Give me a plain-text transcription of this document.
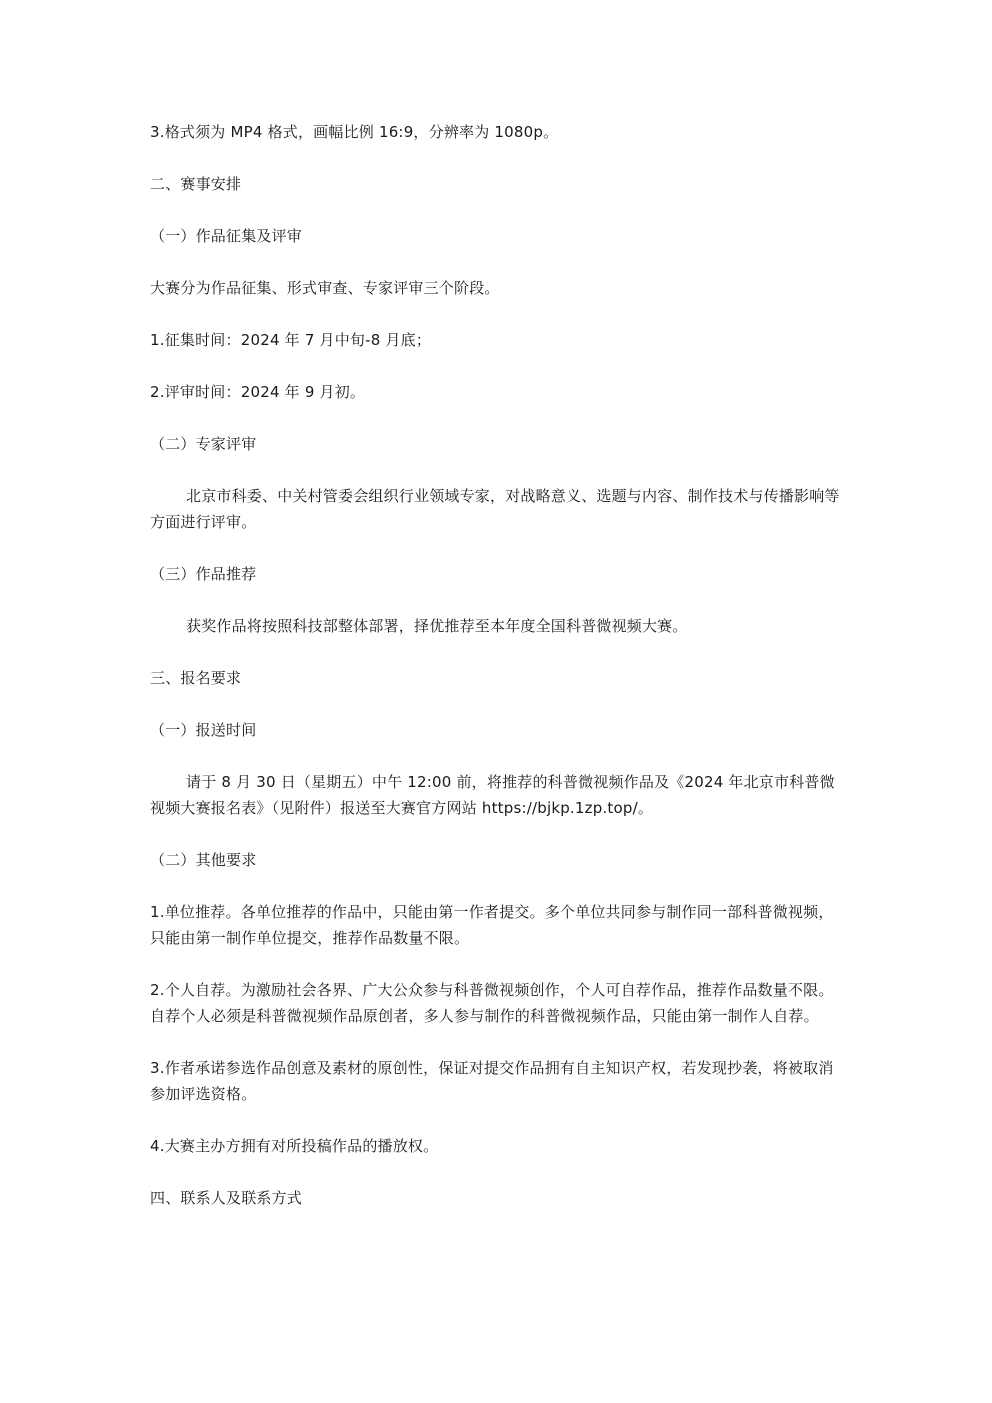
3.格式须为 MP4 格式，画幅比例 16:9，分辨率为 1080p。

二、赛事安排

（一）作品征集及评审

大赛分为作品征集、形式审查、专家评审三个阶段。

1.征集时间：2024 年 7 月中旬-8 月底；

2.评审时间：2024 年 9 月初。

（二）专家评审

北京市科委、中关村管委会组织行业领域专家，对战略意义、选题与内容、制作技术与传播影响等方面进行评审。

（三）作品推荐

获奖作品将按照科技部整体部署，择优推荐至本年度全国科普微视频大赛。

三、报名要求

（一）报送时间

请于 8 月 30 日（星期五）中午 12:00 前，将推荐的科普微视频作品及《2024 年北京市科普微视频大赛报名表》（见附件）报送至大赛官方网站 https://bjkp.1zp.top/。

（二）其他要求

1.单位推荐。各单位推荐的作品中，只能由第一作者提交。多个单位共同参与制作同一部科普微视频，只能由第一制作单位提交，推荐作品数量不限。

2.个人自荐。为激励社会各界、广大公众参与科普微视频创作，个人可自荐作品，推荐作品数量不限。自荐个人必须是科普微视频作品原创者，多人参与制作的科普微视频作品，只能由第一制作人自荐。

3.作者承诺参选作品创意及素材的原创性，保证对提交作品拥有自主知识产权，若发现抄袭，将被取消参加评选资格。

4.大赛主办方拥有对所投稿作品的播放权。

四、联系人及联系方式
